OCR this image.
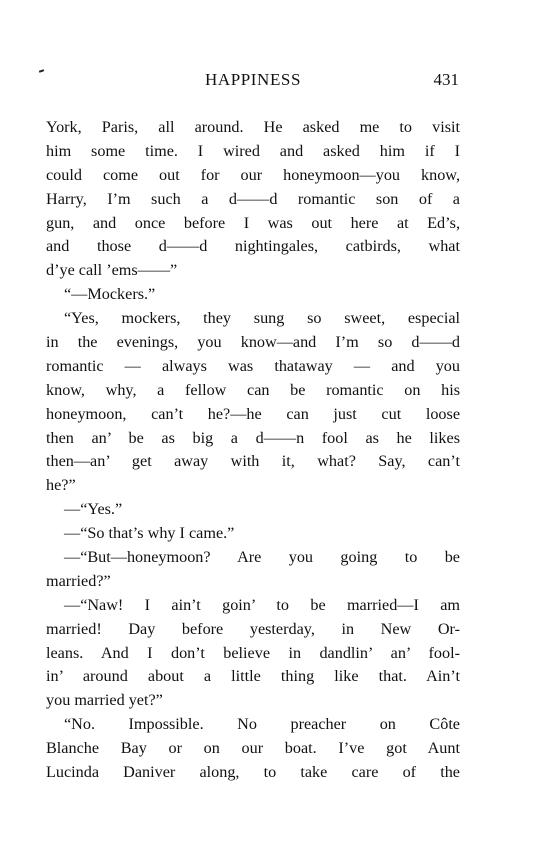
HAPPINESS	431
York, Paris, all around. He asked me to visit
him some time. I wired and asked him if I
could come out for our honeymoon—you know,
Harry, I’m such a d——d romantic son of a
gun, and once before I was out here at Ed’s,
and those d——d nightingales, catbirds, what
d’ye call ’ems——”
“—Mockers.”
“Yes, mockers, they sung so sweet, especial
in the evenings, you know—and I’m so d——d
romantic — always was thataway — and you
know, why, a fellow can be romantic on his
honeymoon, can’t he?—he can just cut loose
then an’ be as big a d——n fool as he likes
then—an’ get away with it, what? Say, can’t
he?”
—“Yes.”
—“So that’s why I came.”
—“But—honeymoon? Are you going to be
married?”
—“Naw! I ain’t goin’ to be married—I am
married! Day before yesterday, in New Or-
leans. And I don’t believe in dandlin’ an’ fool-
in’ around about a little thing like that. Ain’t
you married yet?”
“No. Impossible. No preacher on Côte
Blanche Bay or on our boat. I’ve got Aunt
Lucinda Daniver along, to take care of the
